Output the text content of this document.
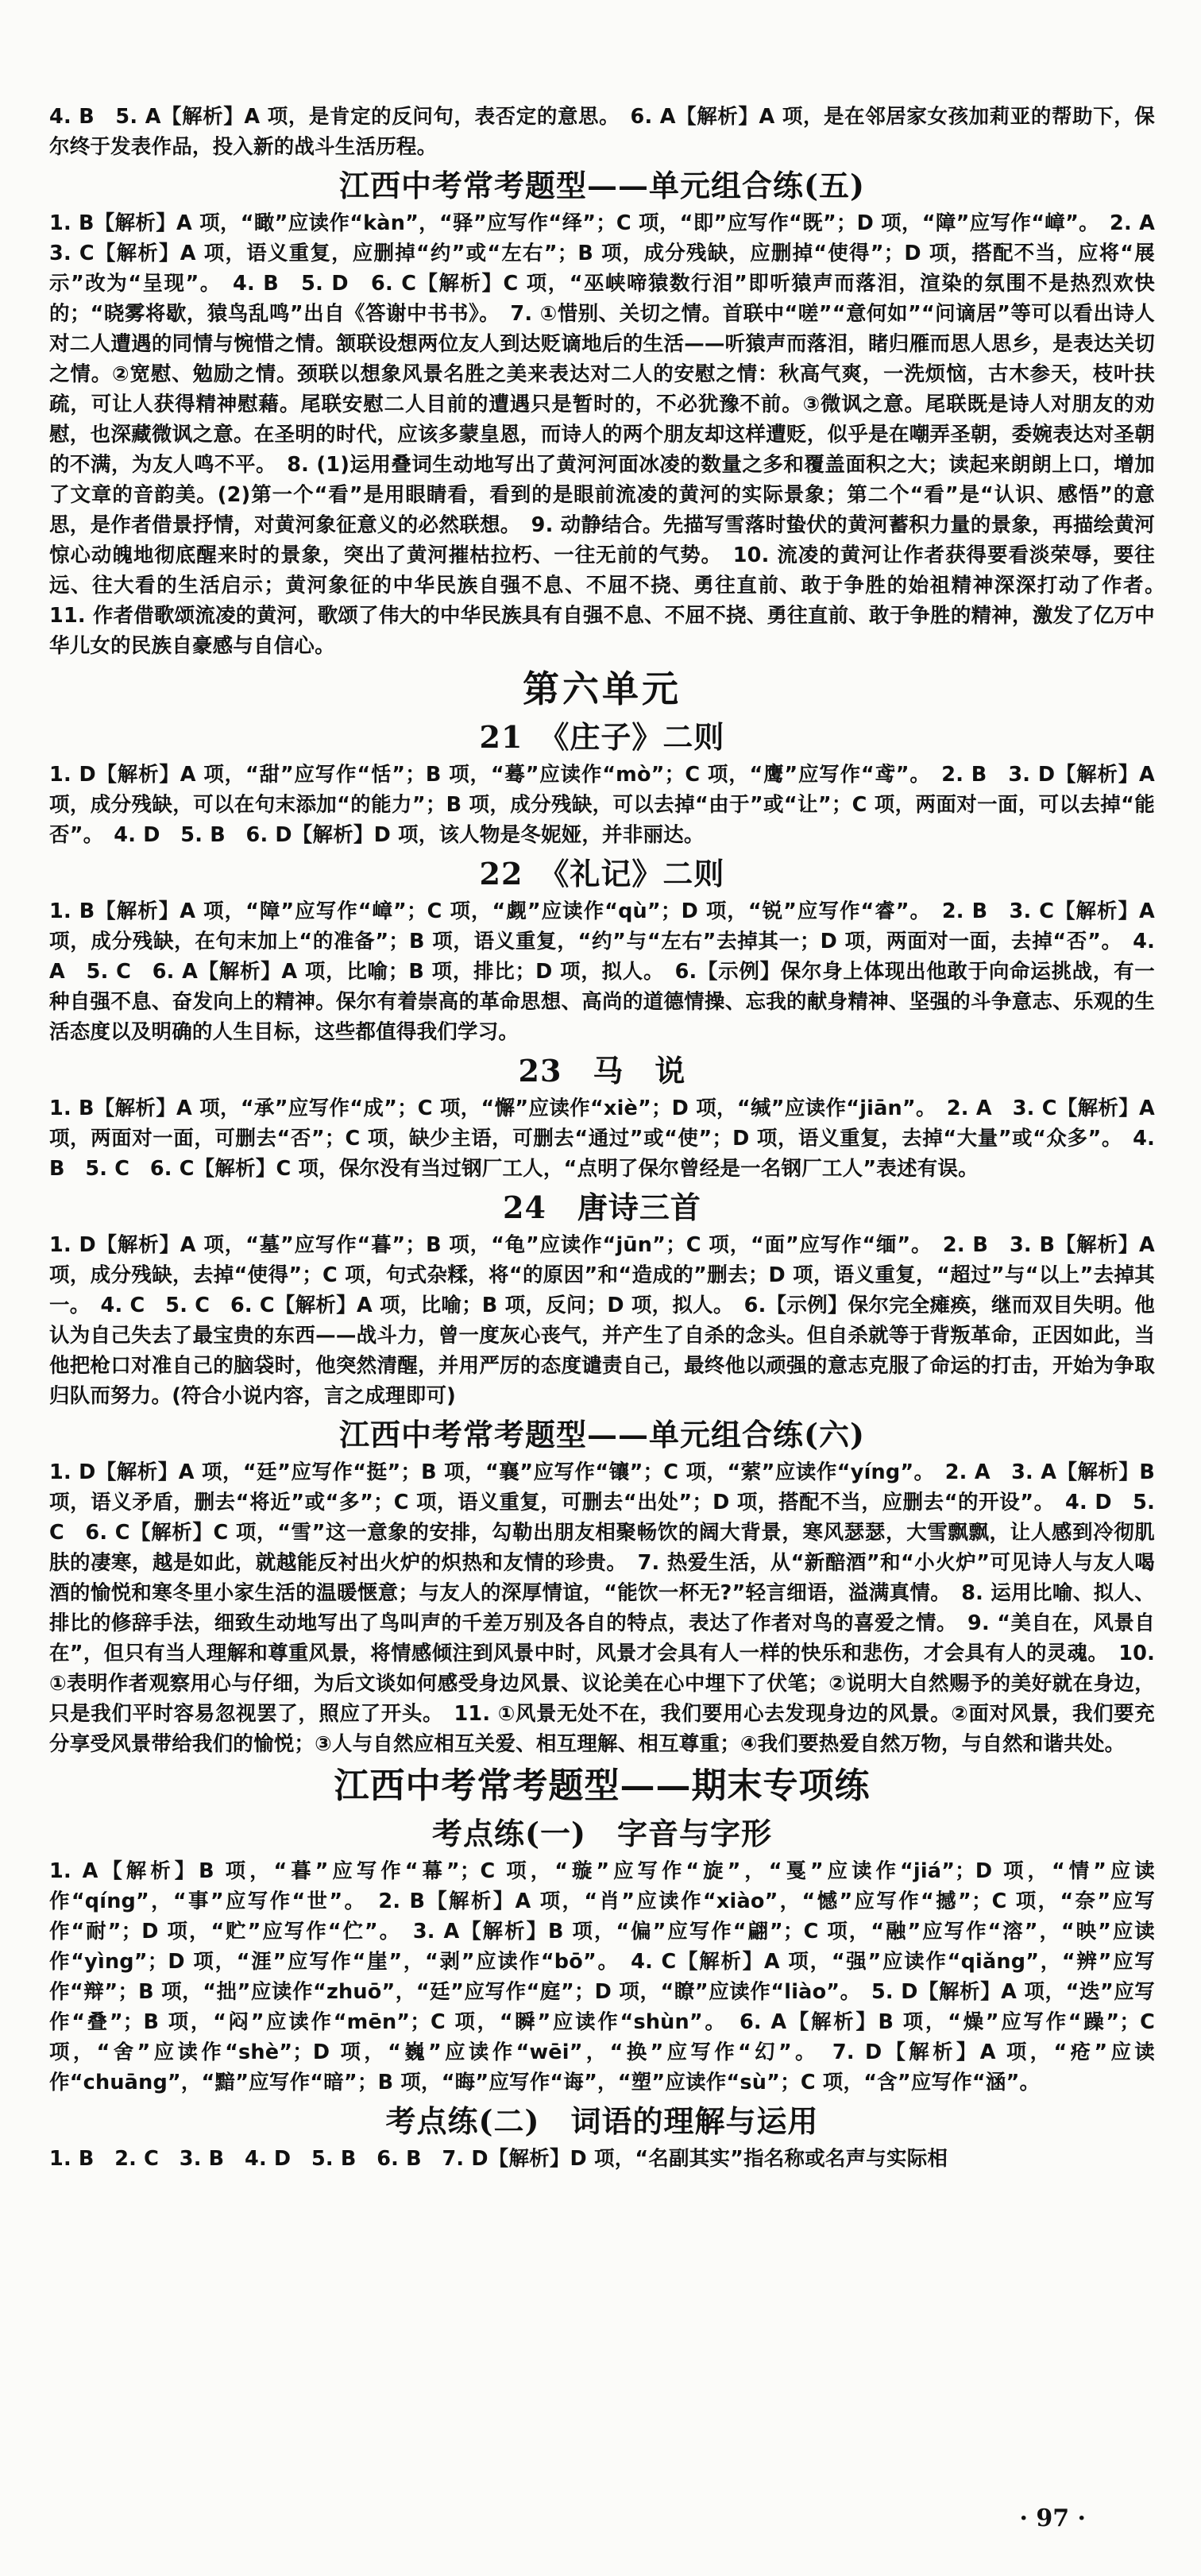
4. B　5. A【解析】A 项，是肯定的反问句，表否定的意思。　6. A【解析】A 项，是在邻居家女孩加莉亚的帮助下，保尔终于发表作品，投入新的战斗生活历程。

江西中考常考题型——单元组合练(五)

1. B【解析】A 项，“瞰”应读作“kàn”，“驿”应写作“绎”；C 项，“即”应写作“既”；D 项，“障”应写作“嶂”。　2. A　3. C【解析】A 项，语义重复，应删掉“约”或“左右”；B 项，成分残缺，应删掉“使得”；D 项，搭配不当，应将“展示”改为“呈现”。　4. B　5. D　6. C【解析】C 项，“巫峡啼猿数行泪”即听猿声而落泪，渲染的氛围不是热烈欢快的；“晓雾将歇，猿鸟乱鸣”出自《答谢中书书》。　7. ①惜别、关切之情。首联中“嗟”“意何如”“问谪居”等可以看出诗人对二人遭遇的同情与惋惜之情。颔联设想两位友人到达贬谪地后的生活——听猿声而落泪，睹归雁而思人思乡，是表达关切之情。②宽慰、勉励之情。颈联以想象风景名胜之美来表达对二人的安慰之情：秋高气爽，一洗烦恼，古木参天，枝叶扶疏，可让人获得精神慰藉。尾联安慰二人目前的遭遇只是暂时的，不必犹豫不前。③微讽之意。尾联既是诗人对朋友的劝慰，也深藏微讽之意。在圣明的时代，应该多蒙皇恩，而诗人的两个朋友却这样遭贬，似乎是在嘲弄圣朝，委婉表达对圣朝的不满，为友人鸣不平。　8. (1)运用叠词生动地写出了黄河河面冰凌的数量之多和覆盖面积之大；读起来朗朗上口，增加了文章的音韵美。(2)第一个“看”是用眼睛看，看到的是眼前流凌的黄河的实际景象；第二个“看”是“认识、感悟”的意思，是作者借景抒情，对黄河象征意义的必然联想。　9. 动静结合。先描写雪落时蛰伏的黄河蓄积力量的景象，再描绘黄河惊心动魄地彻底醒来时的景象，突出了黄河摧枯拉朽、一往无前的气势。　10. 流凌的黄河让作者获得要看淡荣辱，要往远、往大看的生活启示；黄河象征的中华民族自强不息、不屈不挠、勇往直前、敢于争胜的始祖精神深深打动了作者。　11. 作者借歌颂流凌的黄河，歌颂了伟大的中华民族具有自强不息、不屈不挠、勇往直前、敢于争胜的精神，激发了亿万中华儿女的民族自豪感与自信心。

第六单元
21　《庄子》二则

1. D【解析】A 项，“甜”应写作“恬”；B 项，“蓦”应读作“mò”；C 项，“鹰”应写作“鸢”。　2. B　3. D【解析】A 项，成分残缺，可以在句末添加“的能力”；B 项，成分残缺，可以去掉“由于”或“让”；C 项，两面对一面，可以去掉“能否”。　4. D　5. B　6. D【解析】D 项，该人物是冬妮娅，并非丽达。

22　《礼记》二则

1. B【解析】A 项，“障”应写作“嶂”；C 项，“觑”应读作“qù”；D 项，“锐”应写作“睿”。　2. B　3. C【解析】A 项，成分残缺，在句末加上“的准备”；B 项，语义重复，“约”与“左右”去掉其一；D 项，两面对一面，去掉“否”。　4. A　5. C　6. A【解析】A 项，比喻；B 项，排比；D 项，拟人。　6.【示例】保尔身上体现出他敢于向命运挑战，有一种自强不息、奋发向上的精神。保尔有着崇高的革命思想、高尚的道德情操、忘我的献身精神、坚强的斗争意志、乐观的生活态度以及明确的人生目标，这些都值得我们学习。

23　马　说

1. B【解析】A 项，“承”应写作“成”；C 项，“懈”应读作“xiè”；D 项，“缄”应读作“jiān”。　2. A　3. C【解析】A 项，两面对一面，可删去“否”；C 项，缺少主语，可删去“通过”或“使”；D 项，语义重复，去掉“大量”或“众多”。　4. B　5. C　6. C【解析】C 项，保尔没有当过钢厂工人，“点明了保尔曾经是一名钢厂工人”表述有误。

24　唐诗三首

1. D【解析】A 项，“墓”应写作“暮”；B 项，“龟”应读作“jūn”；C 项，“面”应写作“缅”。　2. B　3. B【解析】A 项，成分残缺，去掉“使得”；C 项，句式杂糅，将“的原因”和“造成的”删去；D 项，语义重复，“超过”与“以上”去掉其一。　4. C　5. C　6. C【解析】A 项，比喻；B 项，反问；D 项，拟人。　6.【示例】保尔完全瘫痪，继而双目失明。他认为自己失去了最宝贵的东西——战斗力，曾一度灰心丧气，并产生了自杀的念头。但自杀就等于背叛革命，正因如此，当他把枪口对准自己的脑袋时，他突然清醒，并用严厉的态度谴责自己，最终他以顽强的意志克服了命运的打击，开始为争取归队而努力。(符合小说内容，言之成理即可)

江西中考常考题型——单元组合练(六)

1. D【解析】A 项，“廷”应写作“挺”；B 项，“襄”应写作“镶”；C 项，“萦”应读作“yíng”。　2. A　3. A【解析】B 项，语义矛盾，删去“将近”或“多”；C 项，语义重复，可删去“出处”；D 项，搭配不当，应删去“的开设”。　4. D　5. C　6. C【解析】C 项，“雪”这一意象的安排，勾勒出朋友相聚畅饮的阔大背景，寒风瑟瑟，大雪飘飘，让人感到冷彻肌肤的凄寒，越是如此，就越能反衬出火炉的炽热和友情的珍贵。　7. 热爱生活，从“新醅酒”和“小火炉”可见诗人与友人喝酒的愉悦和寒冬里小家生活的温暖惬意；与友人的深厚情谊，“能饮一杯无?”轻言细语，溢满真情。　8. 运用比喻、拟人、排比的修辞手法，细致生动地写出了鸟叫声的千差万别及各自的特点，表达了作者对鸟的喜爱之情。　9. “美自在，风景自在”，但只有当人理解和尊重风景，将情感倾注到风景中时，风景才会具有人一样的快乐和悲伤，才会具有人的灵魂。　10. ①表明作者观察用心与仔细，为后文谈如何感受身边风景、议论美在心中埋下了伏笔；②说明大自然赐予的美好就在身边，只是我们平时容易忽视罢了，照应了开头。　11. ①风景无处不在，我们要用心去发现身边的风景。②面对风景，我们要充分享受风景带给我们的愉悦；③人与自然应相互关爱、相互理解、相互尊重；④我们要热爱自然万物，与自然和谐共处。

江西中考常考题型——期末专项练
考点练(一)　字音与字形

1. A【解析】B 项，“暮”应写作“幕”；C 项，“璇”应写作“旋”，“戛”应读作“jiá”；D 项，“情”应读作“qíng”，“事”应写作“世”。　2. B【解析】A 项，“肖”应读作“xiào”，“憾”应写作“撼”；C 项，“奈”应写作“耐”；D 项，“贮”应写作“伫”。　3. A【解析】B 项，“偏”应写作“翩”；C 项，“融”应写作“溶”，“映”应读作“yìng”；D 项，“涯”应写作“崖”，“剥”应读作“bō”。　4. C【解析】A 项，“强”应读作“qiǎng”，“辨”应写作“辩”；B 项，“拙”应读作“zhuō”，“廷”应写作“庭”；D 项，“瞭”应读作“liào”。　5. D【解析】A 项，“迭”应写作“叠”；B 项，“闷”应读作“mēn”；C 项，“瞬”应读作“shùn”。　6. A【解析】B 项，“燥”应写作“躁”；C 项，“舍”应读作“shè”；D 项，“巍”应读作“wēi”，“换”应写作“幻”。　7. D【解析】A 项，“疮”应读作“chuāng”，“黯”应写作“暗”；B 项，“晦”应写作“诲”，“塑”应读作“sù”；C 项，“含”应写作“涵”。

考点练(二)　词语的理解与运用

1. B　2. C　3. B　4. D　5. B　6. B　7. D【解析】D 项，“名副其实”指名称或名声与实际相

· 97 ·
